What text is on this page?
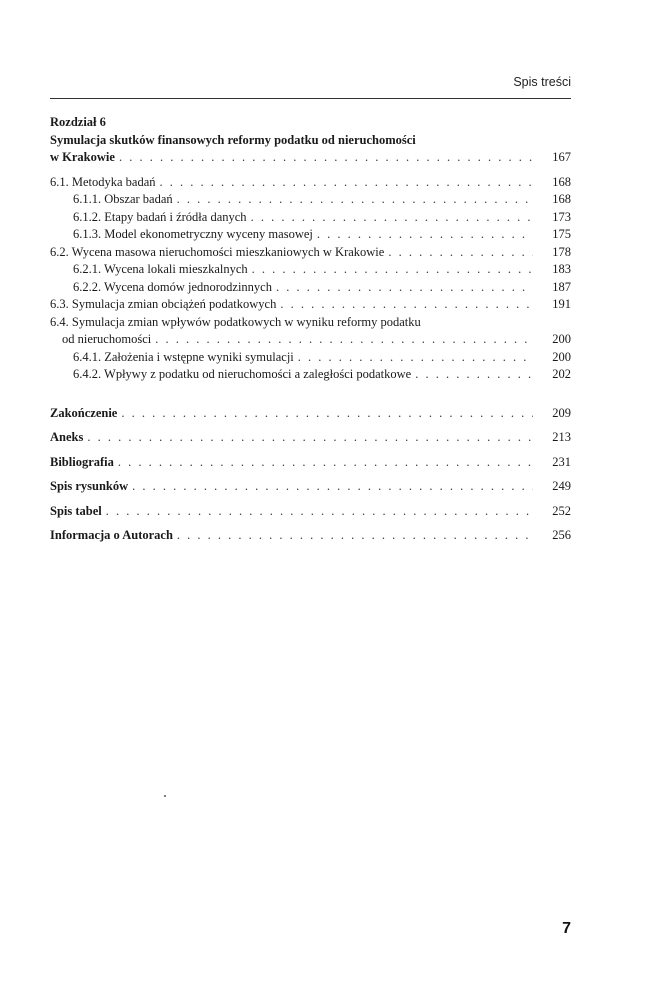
Spis treści
Rozdział 6
Symulacja skutków finansowych reformy podatku od nieruchomości
w Krakowie . . .	167
6.1. Metodyka badań . . .	168
6.1.1. Obszar badań . . .	168
6.1.2. Etapy badań i źródła danych . . .	173
6.1.3. Model ekonometryczny wyceny masowej . . .	175
6.2. Wycena masowa nieruchomości mieszkaniowych w Krakowie . . .	178
6.2.1. Wycena lokali mieszkalnych . . .	183
6.2.2. Wycena domów jednorodzinnych . . .	187
6.3. Symulacja zmian obciążeń podatkowych . . .	191
6.4. Symulacja zmian wpływów podatkowych w wyniku reformy podatku
od nieruchomości . . .	200
6.4.1. Założenia i wstępne wyniki symulacji . . .	200
6.4.2. Wpływy z podatku od nieruchomości a zaległości podatkowe . . .	202
Zakończenie . . .	209
Aneks . . .	213
Bibliografia . . .	231
Spis rysunków . . .	249
Spis tabel . . .	252
Informacja o Autorach . . .	256
7
